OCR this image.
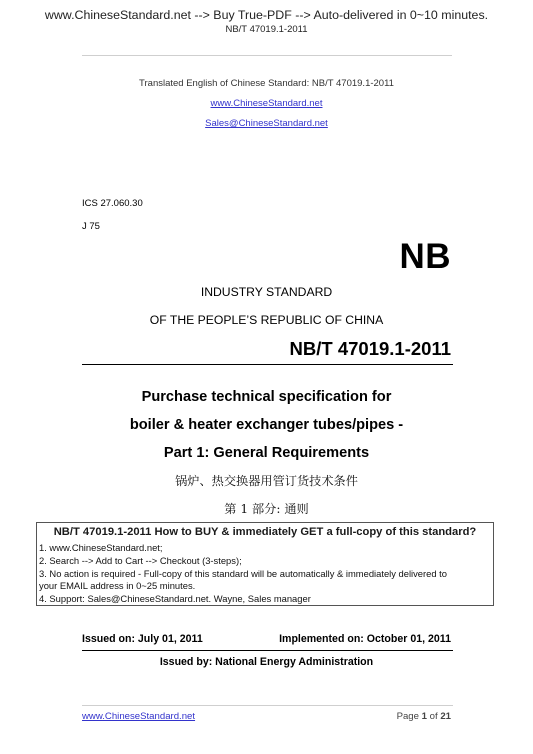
www.ChineseStandard.net --> Buy True-PDF --> Auto-delivered in 0~10 minutes.
NB/T 47019.1-2011
Translated English of Chinese Standard: NB/T 47019.1-2011
www.ChineseStandard.net
Sales@ChineseStandard.net
ICS 27.060.30
J 75
NB
INDUSTRY STANDARD
OF THE PEOPLE’S REPUBLIC OF CHINA
NB/T 47019.1-2011
Purchase technical specification for
boiler & heater exchanger tubes/pipes -
Part 1: General Requirements
锅炉、热交换器用管订货技术条件
第 1 部分: 通则
NB/T 47019.1-2011 How to BUY & immediately GET a full-copy of this standard?
1. www.ChineseStandard.net;
2. Search --> Add to Cart --> Checkout (3-steps);
3. No action is required - Full-copy of this standard will be automatically & immediately delivered to
your EMAIL address in 0~25 minutes.
4. Support: Sales@ChineseStandard.net. Wayne, Sales manager
Issued on: July 01, 2011	Implemented on: October 01, 2011
Issued by: National Energy Administration
www.ChineseStandard.net	Page 1 of 21
